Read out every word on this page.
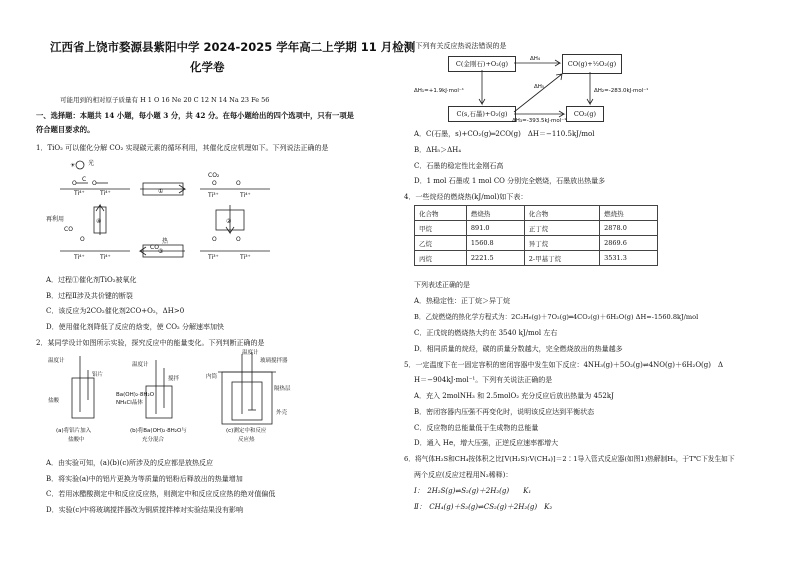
江西省上饶市婺源县紫阳中学 2024-2025 学年高二上学期 11 月检测
化学卷
可能用到的相对原子质量有 H 1 O 16 Ne 20 C 12 N 14 Na 23 Fe 56
一、选择题：本题共 14 小题，每小题 3 分，共 42 分。在每小题给出的四个选项中，只有一项是
符合题目要求的。
1．TiO₂ 可以催化分解 CO₂ 实现碳元素的循环利用，其催化反应机理如下。下列说法正确的是
☀ 光
O
C
O
Ti⁴⁺	Ti⁴⁺
CO₂
O	O
Ti³⁺	Ti⁴⁺
再利用
CO
O
Ti⁴⁺	Ti⁴⁺
CO
热	O	O
Ti³⁺	Ti³⁺
②
④
①
③
A．过程①催化剂TiO₂被氧化
B．过程Ⅱ涉及共价键的断裂
C．该反应为2CO₂催化剂2CO+O₂，ΔH>0
D．使用催化剂降低了反应的焓变，使 CO₂ 分解速率加快
2．某同学设计如图所示实验，探究反应中的能量变化。下列判断正确的是
温度计
铝片
盐酸
温度计
搅拌
Ba(OH)₂·8H₂O
NH₄Cl晶体
温度计
玻璃搅拌器
内筒
隔热层
外壳
(a)将铝片加入
盐酸中
(b)将Ba(OH)₂·8H₂O与
充分混合
(c)测定中和反应
反应热
A．由实验可知，(a)(b)(c)所涉及的反应都是放热反应
B．将实验(a)中的铝片更换为等质量的铝粉后释放出的热量增加
C．若用冰醋酸测定中和反应反应热，则测定中和反应反应热的绝对值偏低
D．实验(c)中将玻璃搅拌器改为铜质搅拌棒对实验结果没有影响
3．下列有关反应热说法错误的是
C(金刚石)+O₂(g)	CO(g)+½O₂(g)
C(s,石墨)+O₂(g)	CO₂(g)
ΔH₄
ΔH₁=+1.9kJ·mol⁻¹
ΔH₅
ΔH₂=-283.0kJ·mol⁻¹
ΔH₃=-393.5kJ·mol⁻¹
A．C(石墨，s)+CO₂(g)═2CO(g)　ΔH＝−110.5kJ/mol
B．ΔH₅＞ΔH₄
C．石墨的稳定性比金刚石高
D．1 mol 石墨或 1 mol CO 分别完全燃烧，石墨放出热量多
4．一些烷烃的燃烧热(kJ/mol)如下表：
化合物	燃烧热	化合物	燃烧热
甲烷	891.0	正丁烷	2878.0
乙烷	1560.8	异丁烷	2869.6
丙烷	2221.5	2-甲基丁烷	3531.3
下列表述正确的是
A．热稳定性：正丁烷＞异丁烷
B．乙烷燃烧的热化学方程式为：2C₂H₆(g)＋7O₂(g)═4CO₂(g)＋6H₂O(g) ΔH=-1560.8kJ/mol
C．正戊烷的燃烧热大约在 3540 kJ/mol 左右
D．相同质量的烷烃，碳的质量分数越大，完全燃烧放出的热量越多
5．一定温度下在一固定容积的密闭容器中发生如下反应：4NH₃(g)＋5O₂(g)⇌4NO(g)＋6H₂O(g)　Δ
H＝−904kJ·mol⁻¹。下列有关说法正确的是
A．充入 2molNH₃ 和 2.5molO₂ 充分反应后放出热量为 452kJ
B．密闭容器内压强不再变化时，说明该反应达到平衡状态
C．反应物的总能量低于生成物的总能量
D．通入 He，增大压强，正逆反应速率都增大
6．将气体H₂S和CH₄按体积之比[V(H₂S)∶V(CH₄)]＝2∶1导入管式反应器(如图1)热解制H₂，于T℃下发生如下
两个反应(反应过程用N₂稀释)：
Ⅰ：　2H₂S(g)⇌S₂(g)＋2H₂(g)　　K₁
Ⅱ：　CH₄(g)＋S₂(g)⇌CS₂(g)＋2H₂(g)　K₂
